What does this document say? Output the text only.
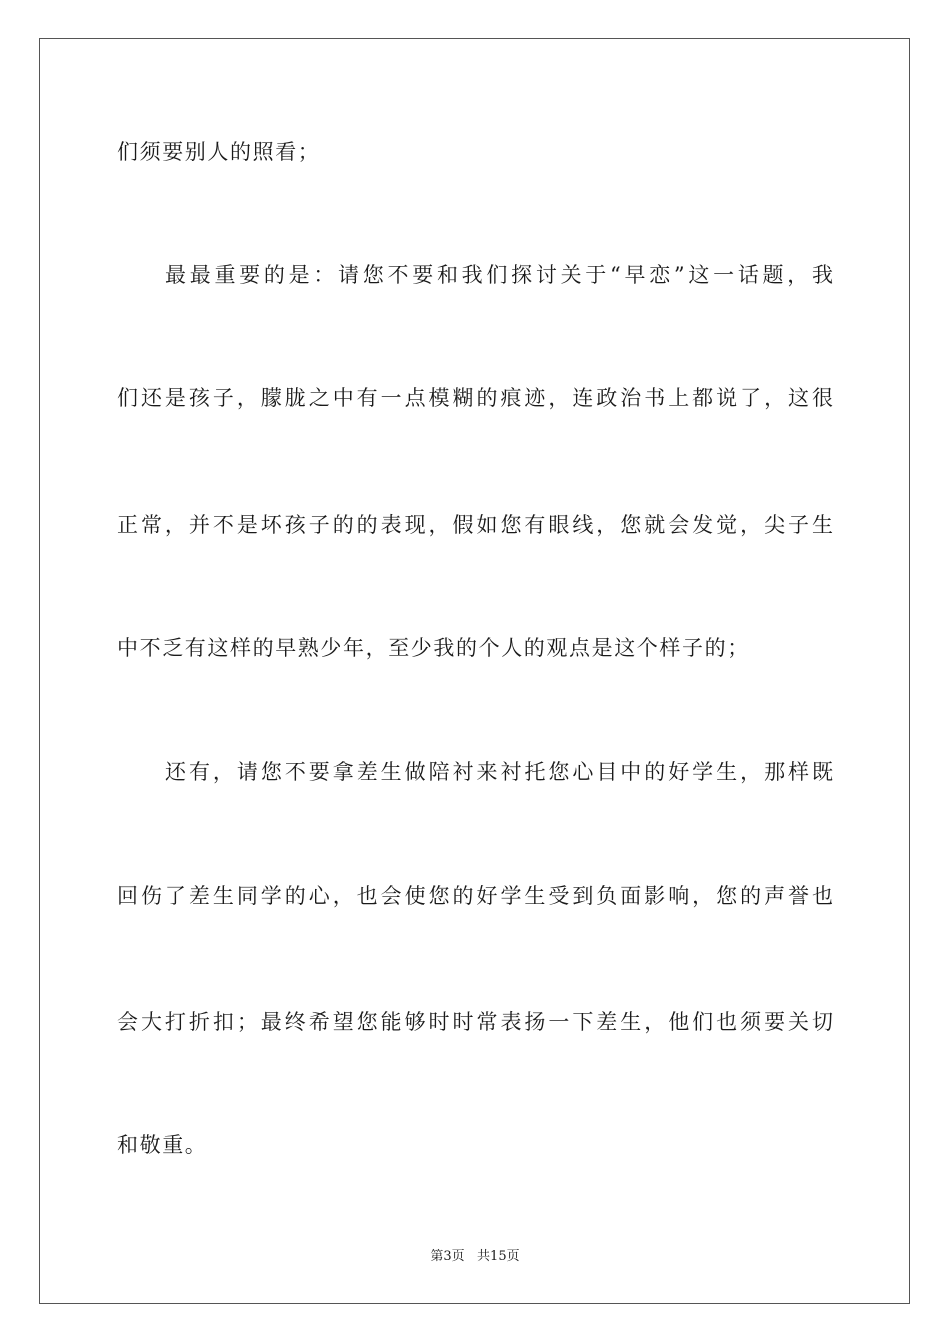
们须要别人的照看；
最最重要的是：请您不要和我们探讨关于“早恋”这一话题，我
们还是孩子，朦胧之中有一点模糊的痕迹，连政治书上都说了，这很
正常，并不是坏孩子的的表现，假如您有眼线，您就会发觉，尖子生
中不乏有这样的早熟少年，至少我的个人的观点是这个样子的；
还有，请您不要拿差生做陪衬来衬托您心目中的好学生，那样既
回伤了差生同学的心，也会使您的好学生受到负面影响，您的声誉也
会大打折扣；最终希望您能够时时常表扬一下差生，他们也须要关切
和敬重。
第3页   共15页
